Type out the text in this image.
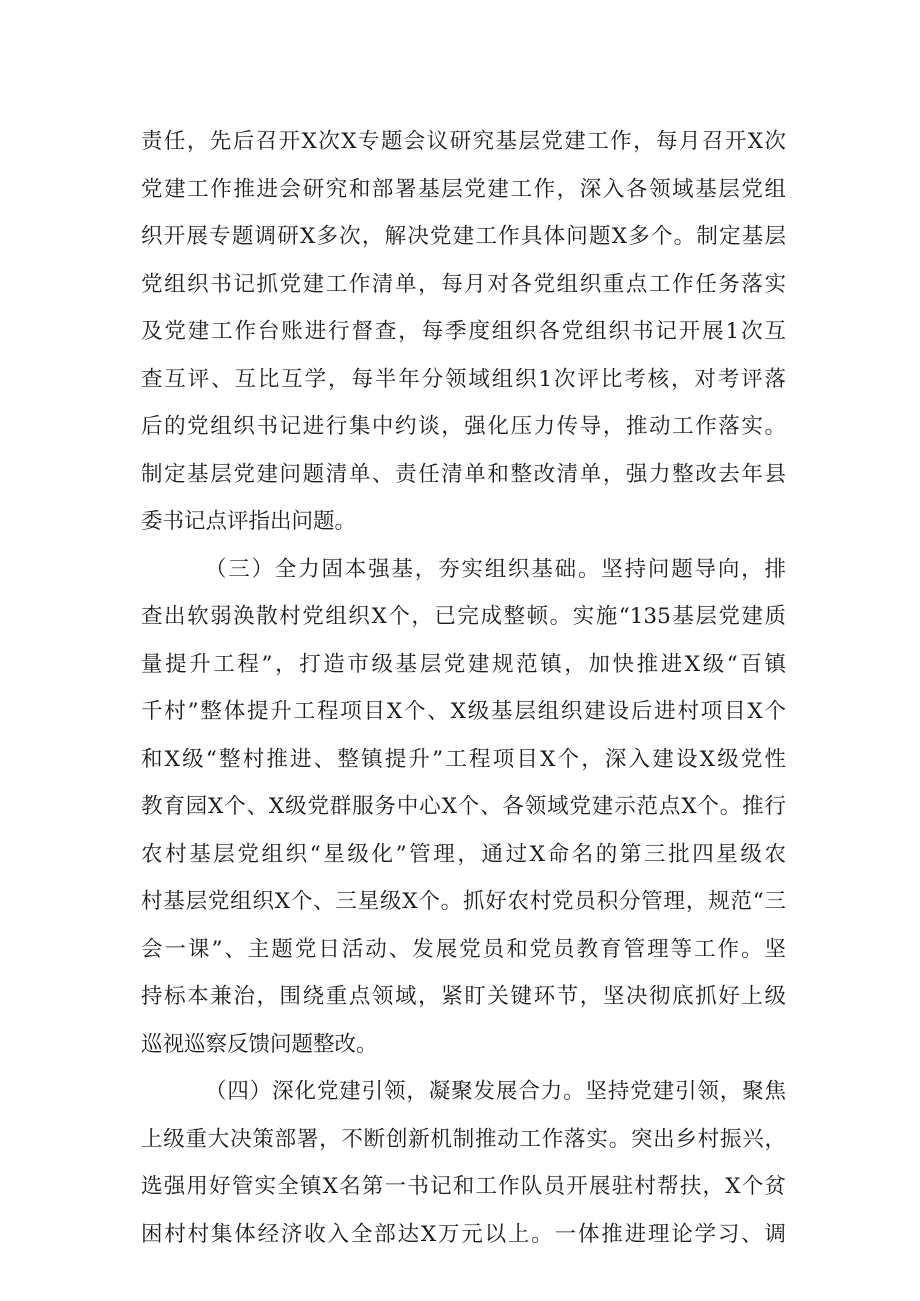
责任，先后召开X次X专题会议研究基层党建工作，每月召开X次
党建工作推进会研究和部署基层党建工作，深入各领域基层党组
织开展专题调研X多次，解决党建工作具体问题X多个。制定基层
党组织书记抓党建工作清单，每月对各党组织重点工作任务落实
及党建工作台账进行督查，每季度组织各党组织书记开展1次互
查互评、互比互学，每半年分领域组织1次评比考核，对考评落
后的党组织书记进行集中约谈，强化压力传导，推动工作落实。
制定基层党建问题清单、责任清单和整改清单，强力整改去年县
委书记点评指出问题。
（三）全力固本强基，夯实组织基础。坚持问题导向，排
查出软弱涣散村党组织X个，已完成整顿。实施“135基层党建质
量提升工程”，打造市级基层党建规范镇，加快推进X级“百镇
千村”整体提升工程项目X个、X级基层组织建设后进村项目X个
和X级“整村推进、整镇提升”工程项目X个，深入建设X级党性
教育园X个、X级党群服务中心X个、各领域党建示范点X个。推行
农村基层党组织“星级化”管理，通过X命名的第三批四星级农
村基层党组织X个、三星级X个。抓好农村党员积分管理，规范“三
会一课”、主题党日活动、发展党员和党员教育管理等工作。坚
持标本兼治，围绕重点领域，紧盯关键环节，坚决彻底抓好上级
巡视巡察反馈问题整改。
（四）深化党建引领，凝聚发展合力。坚持党建引领，聚焦
上级重大决策部署，不断创新机制推动工作落实。突出乡村振兴，
选强用好管实全镇X名第一书记和工作队员开展驻村帮扶，X个贫
困村村集体经济收入全部达X万元以上。一体推进理论学习、调
